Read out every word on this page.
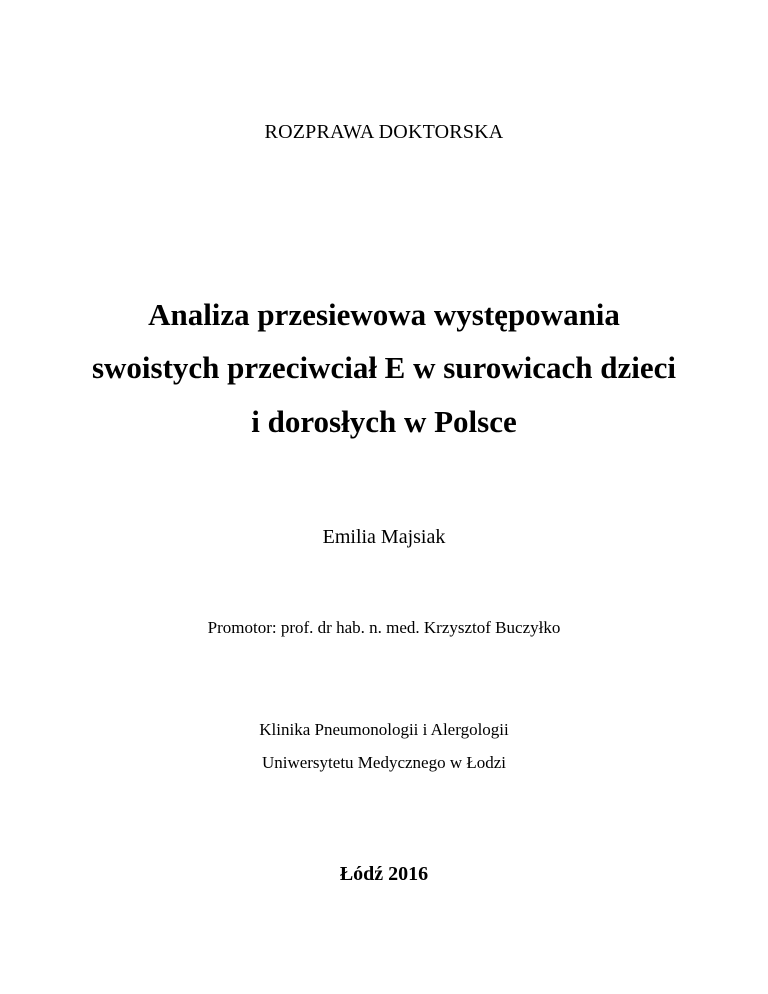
ROZPRAWA DOKTORSKA

Analiza przesiewowa występowania
swoistych przeciwciał E w surowicach dzieci
i dorosłych w Polsce

Emilia Majsiak

Promotor: prof. dr hab. n. med. Krzysztof Buczyłko

Klinika Pneumonologii i Alergologii

Uniwersytetu Medycznego w Łodzi

Łódź 2016
